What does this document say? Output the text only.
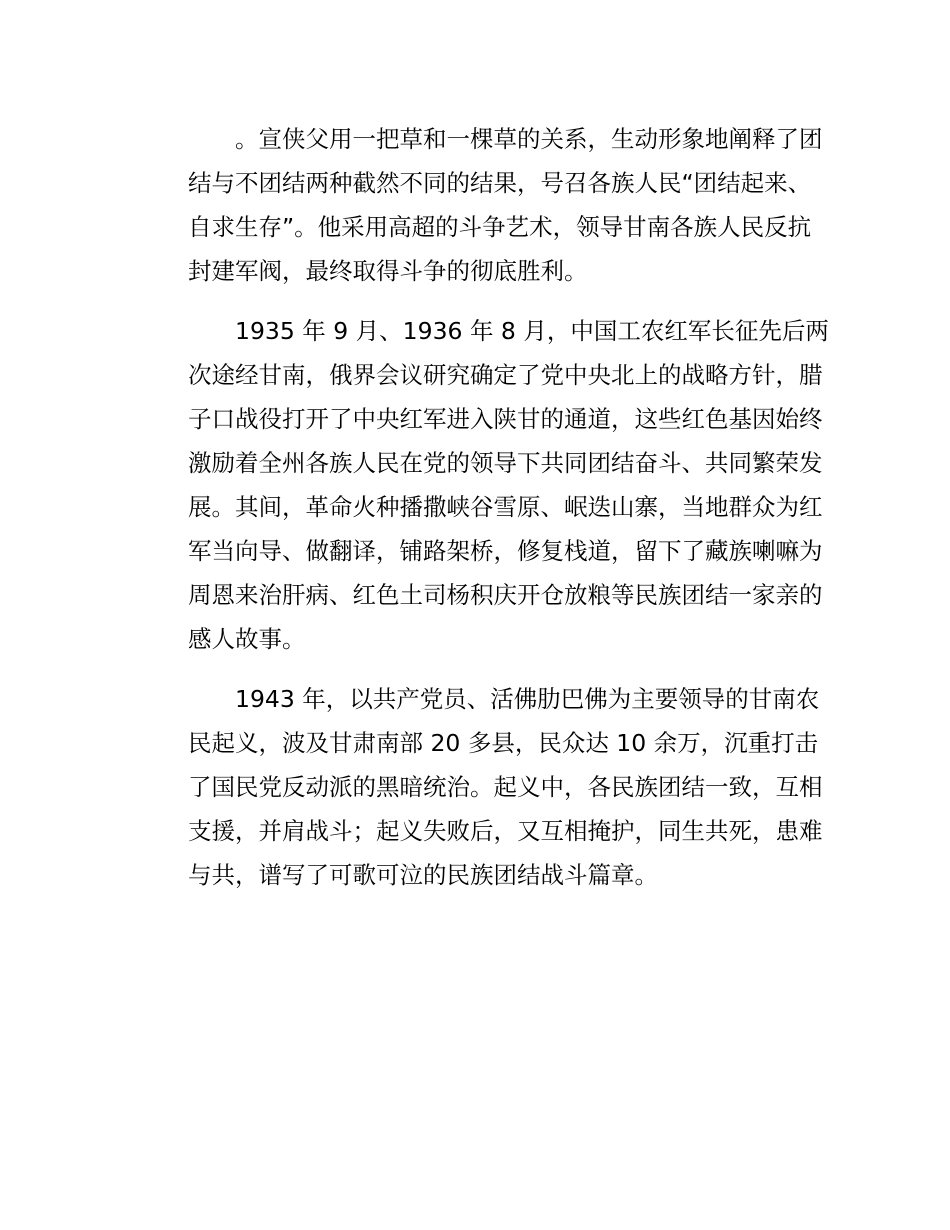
。宣侠父用一把草和一棵草的关系，生动形象地阐释了团
结与不团结两种截然不同的结果，号召各族人民“团结起来、
自求生存”。他采用高超的斗争艺术，领导甘南各族人民反抗
封建军阀，最终取得斗争的彻底胜利。
1935 年 9 月、1936 年 8 月，中国工农红军长征先后两
次途经甘南，俄界会议研究确定了党中央北上的战略方针，腊
子口战役打开了中央红军进入陕甘的通道，这些红色基因始终
激励着全州各族人民在党的领导下共同团结奋斗、共同繁荣发
展。其间，革命火种播撒峡谷雪原、岷迭山寨，当地群众为红
军当向导、做翻译，铺路架桥，修复栈道，留下了藏族喇嘛为
周恩来治肝病、红色土司杨积庆开仓放粮等民族团结一家亲的
感人故事。
1943 年，以共产党员、活佛肋巴佛为主要领导的甘南农
民起义，波及甘肃南部 20 多县，民众达 10 余万，沉重打击
了国民党反动派的黑暗统治。起义中，各民族团结一致，互相
支援，并肩战斗；起义失败后，又互相掩护，同生共死，患难
与共，谱写了可歌可泣的民族团结战斗篇章。
